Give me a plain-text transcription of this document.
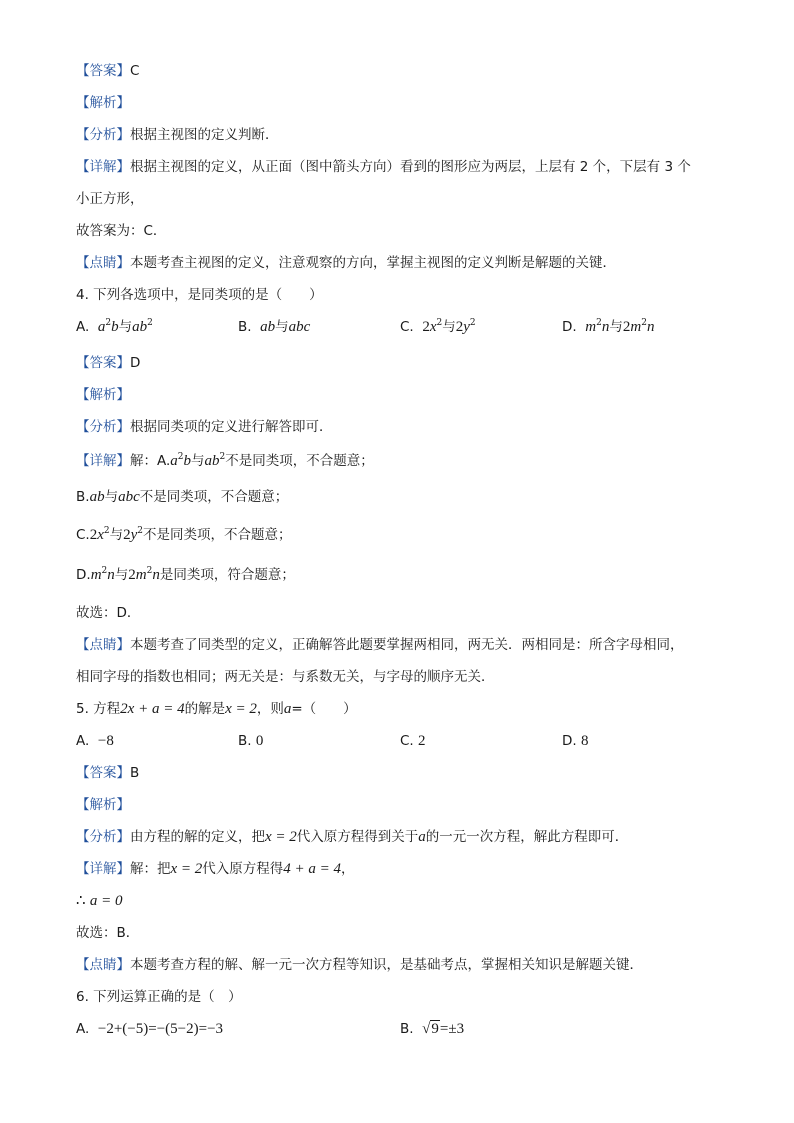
【答案】C
【解析】
【分析】根据主视图的定义判断．
【详解】根据主视图的定义，从正面（图中箭头方向）看到的图形应为两层，上层有 2 个，下层有 3 个
小正方形，
故答案为：C．
【点睛】本题考查主视图的定义，注意观察的方向，掌握主视图的定义判断是解题的关键．
4. 下列各选项中，是同类项的是（　　）
A. $a^2b$与$ab^2$	B. ab与abc	C. $2x^2$与$2y^2$	D. $m^2n$与$2m^2n$
【答案】D
【解析】
【分析】根据同类项的定义进行解答即可．
【详解】解：$A.a^2b$与$ab^2$不是同类项，不合题意；
B.ab与abc不是同类项，不合题意；
$C.2x^2$与$2y^2$不是同类项，不合题意；
$D.m^2n$与$2m^2n$是同类项，符合题意；
故选：D．
【点睛】本题考查了同类型的定义，正确解答此题要掌握两相同，两无关．两相同是：所含字母相同，
相同字母的指数也相同；两无关是：与系数无关，与字母的顺序无关．
5. 方程2x + a = 4的解是x = 2，则a=（　　）
A. −8	B. 0	C. 2	D. 8
【答案】B
【解析】
【分析】由方程的解的定义，把x = 2代入原方程得到关于a的一元一次方程，解此方程即可．
【详解】解：把x = 2代入原方程得4 + a = 4，
∴ a = 0
故选：B．
【点睛】本题考查方程的解、解一元一次方程等知识，是基础考点，掌握相关知识是解题关键．
6. 下列运算正确的是（　）
A. −2+(−5)=−(5−2)=−3	B. √9=±3
